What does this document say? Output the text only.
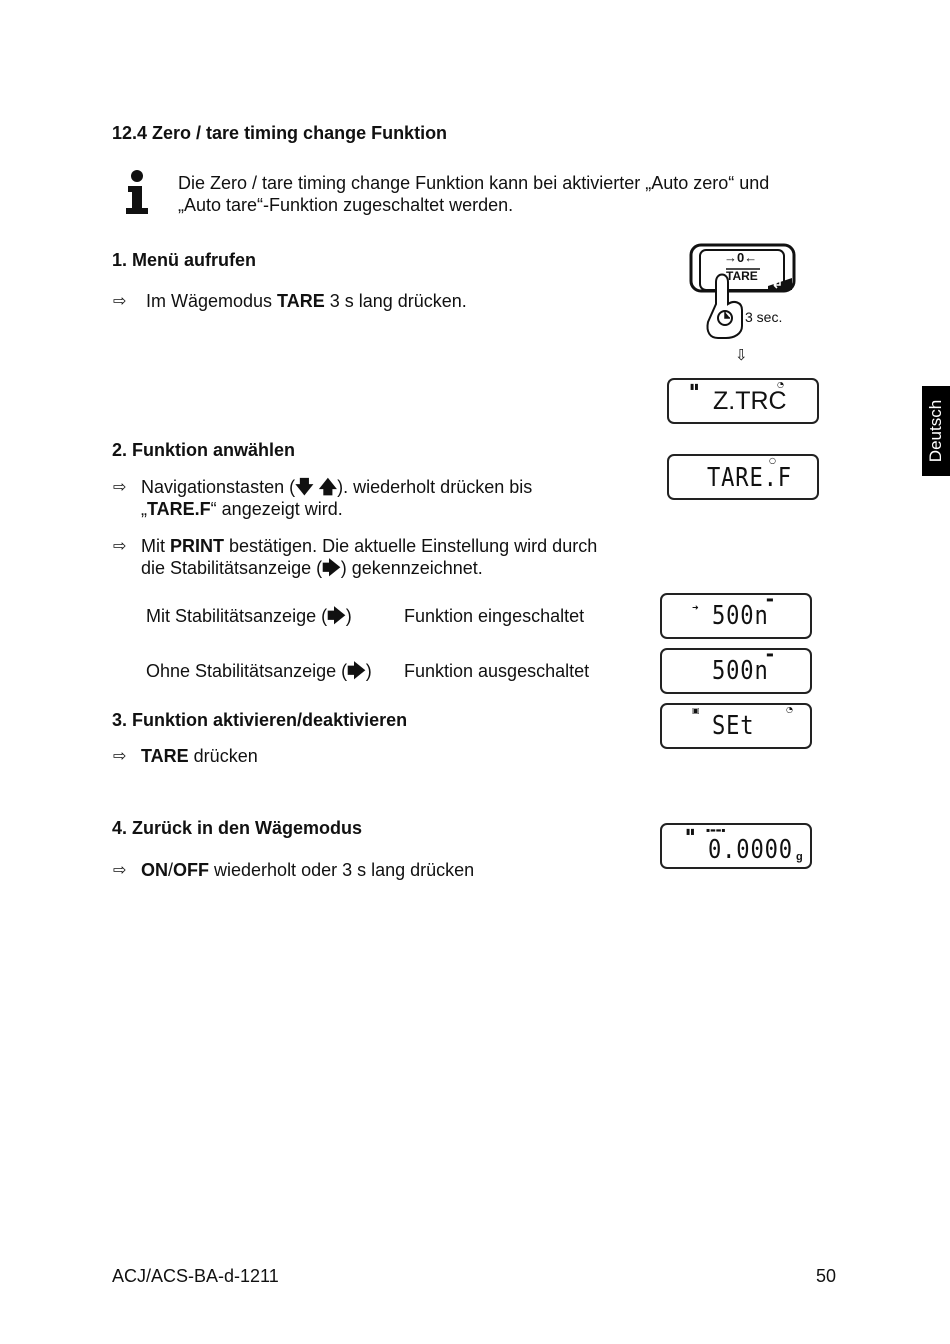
12.4 Zero / tare timing change Funktion
Die Zero / tare timing change Funktion kann bei aktivierter „Auto zero“ und
„Auto tare“-Funktion zugeschaltet werden.
1. Menü aufrufen
⇨ Im Wägemodus TARE 3 s lang drücken.
→0←
TARE
3 sec.
⇩
▮▮	◔
Z.TRC
2. Funktion anwählen
○
TARE.F
⇨ Navigationstasten (🡇 🡅). wiederholt drücken bis
„TARE.F“ angezeigt wird.
⇨ Mit PRINT bestätigen. Die aktuelle Einstellung wird durch
die Stabilitätsanzeige (🡆) gekennzeichnet.
Mit Stabilitätsanzeige (🡆)	Funktion eingeschaltet	➜
▬
500n
Ohne Stabilitätsanzeige (🡆) Funktion ausgeschaltet
▬
500n
3. Funktion aktivieren/deaktivieren	▣	◔
SEt
⇨ TARE drücken
4. Zurück in den Wägemodus	▮▮ ▪▬▬▪
0.0000 g
⇨ ON/OFF wiederholt oder 3 s lang drücken
Deutsch
ACJ/ACS-BA-d-1211	50
